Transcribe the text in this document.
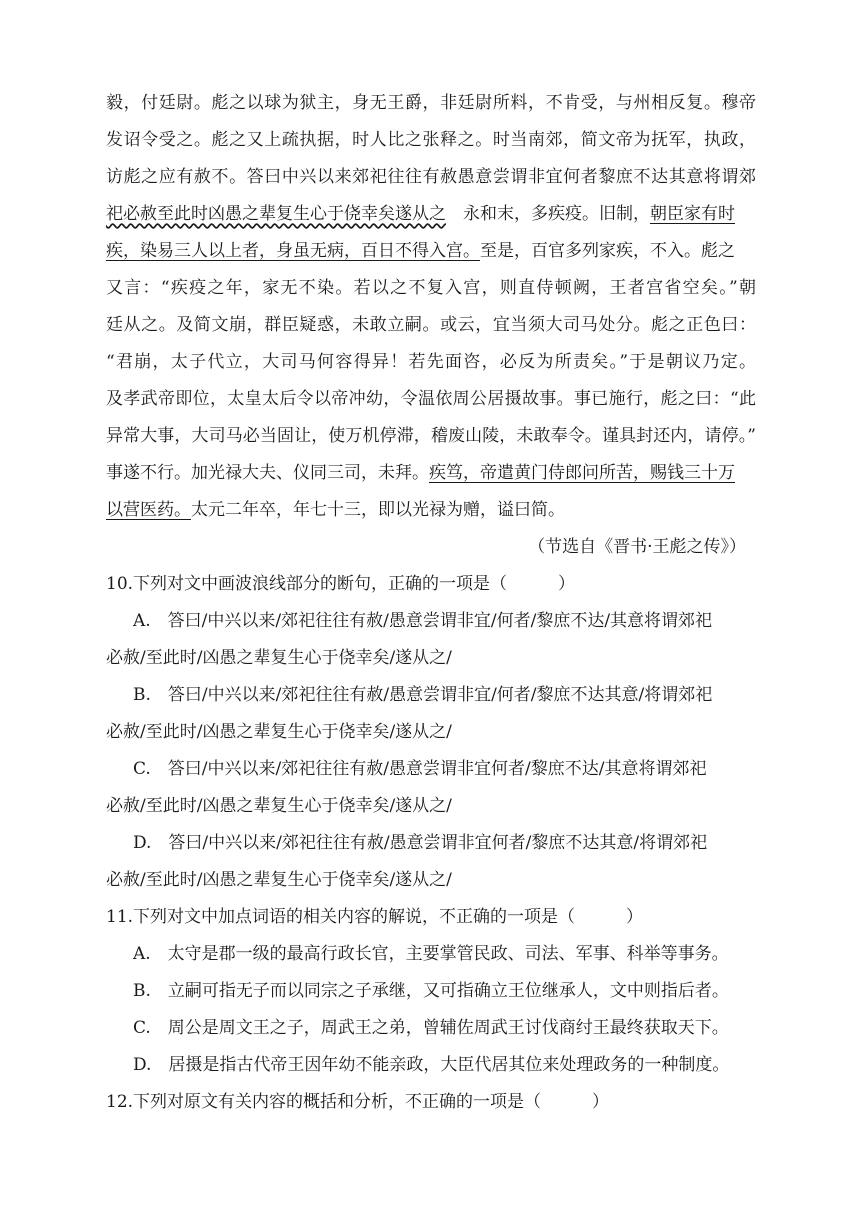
毅，付廷尉。彪之以球为狱主，身无王爵，非廷尉所料，不肯受，与州相反复。穆帝
发诏令受之。彪之又上疏执据，时人比之张释之。时当南郊，简文帝为抚军，执政，
访彪之应有赦不。答曰中兴以来郊祀往往有赦愚意尝谓非宜何者黎庶不达其意将谓郊
祀必赦至此时凶愚之辈复生心于侥幸矣遂从之　永和末，多疾疫。旧制，朝臣家有时
疾，染易三人以上者，身虽无病，百日不得入宫。至是，百官多列家疾，不入。彪之
又言：“疾疫之年，家无不染。若以之不复入宫，则直侍顿阙，王者宫省空矣。”朝
廷从之。及简文崩，群臣疑惑，未敢立嗣。或云，宜当须大司马处分。彪之正色曰：
“君崩，太子代立，大司马何容得异！若先面咨，必反为所责矣。”于是朝议乃定。
及孝武帝即位，太皇太后令以帝冲幼，令温依周公居摄故事。事已施行，彪之曰：“此
异常大事，大司马必当固让，使万机停滞，稽废山陵，未敢奉令。谨具封还内，请停。”
事遂不行。加光禄大夫、仪同三司，未拜。疾笃，帝遣黄门侍郎问所苦，赐钱三十万
以营医药。太元二年卒，年七十三，即以光禄为赠，谥曰简。
（节选自《晋书·王彪之传》）
10.下列对文中画波浪线部分的断句，正确的一项是（　　　）
A.　答曰/中兴以来/郊祀往往有赦/愚意尝谓非宜/何者/黎庶不达/其意将谓郊祀
必赦/至此时/凶愚之辈复生心于侥幸矣/遂从之/
B.　答曰/中兴以来/郊祀往往有赦/愚意尝谓非宜/何者/黎庶不达其意/将谓郊祀
必赦/至此时/凶愚之辈复生心于侥幸矣/遂从之/
C.　答曰/中兴以来/郊祀往往有赦/愚意尝谓非宜何者/黎庶不达/其意将谓郊祀
必赦/至此时/凶愚之辈复生心于侥幸矣/遂从之/
D.　答曰/中兴以来/郊祀往往有赦/愚意尝谓非宜何者/黎庶不达其意/将谓郊祀
必赦/至此时/凶愚之辈复生心于侥幸矣/遂从之/
11.下列对文中加点词语的相关内容的解说，不正确的一项是（　　　）
A.　太守是郡一级的最高行政长官，主要掌管民政、司法、军事、科举等事务。
B.　立嗣可指无子而以同宗之子承继，又可指确立王位继承人，文中则指后者。
C.　周公是周文王之子，周武王之弟，曾辅佐周武王讨伐商纣王最终获取天下。
D.　居摄是指古代帝王因年幼不能亲政，大臣代居其位来处理政务的一种制度。
12.下列对原文有关内容的概括和分析，不正确的一项是（　　　）
